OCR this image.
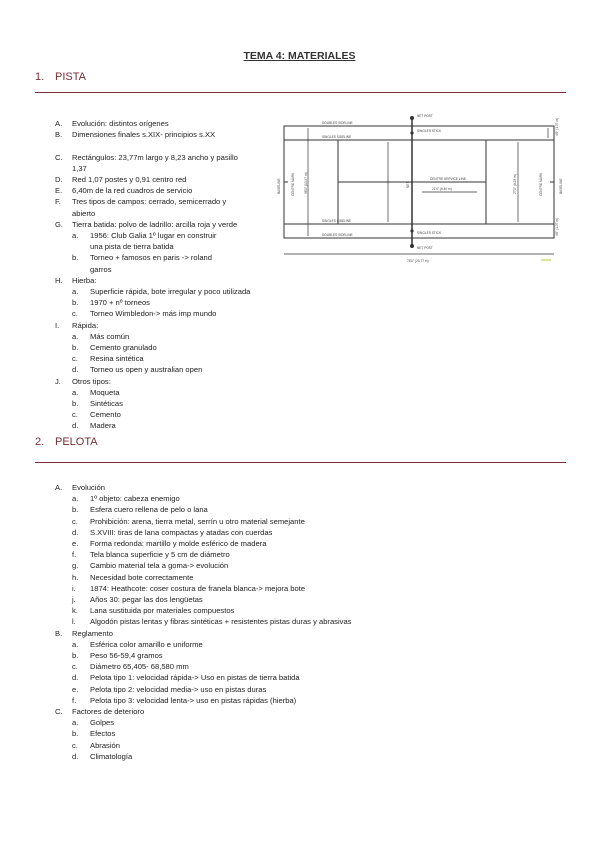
TEMA 4: MATERIALES
1. PISTA
A. Evolución: distintos orígenes
B. Dimensiones finales s.XIX- principios s.XX
C. Rectángulos: 23,77m largo y 8,23 ancho y pasillo
1,37
D. Red 1,07 postes y 0,91 centro red
E. 6,40m de la red cuadros de servicio
F. Tres tipos de campos: cerrado, semicerrado y
abierto
G. Tierra batida: polvo de ladrillo: arcilla roja y verde
a. 1956: Club Galia 1º lugar en construir
una pista de tierra batida
b. Torneo + famosos en paris -> roland
garros
H. Hierba:
a. Superficie rápida, bote irregular y poco utilizada
b. 1970 + nº torneos
c. Torneo Wimbledon-> más imp mundo
I. Rápida:
a. Más común
b. Cemento granulado
c. Resina sintética
d. Torneo us open y australian open
J. Otros tipos:
a. Moqueta
b. Sintéticas
c. Cemento
d. Madera
DOUBLES SIDELINE
SINGLES SIDELINE
DOUBLES SIDELINE
SINGLES SIDELINE
NET POST
NET POST
SINGLES STICK
SINGLES STICK
CENTRE SERVICE LINE
21'0" (6.40 m)
78'0" (23.77 m)
BASELINE	CENTRE MARK	BASELINE
CENTRE MARK
36'0" (10.97 m)	27'0" (8.23 m)
4'6" (1.37 m)
4'6" (1.37 m)
NET
2. PELOTA
A. Evolución
a. 1º objeto: cabeza enemigo
b. Esfera cuero rellena de pelo o lana
c. Prohibición: arena, tierra metal, serrín u otro material semejante
d. S.XVIII: tiras de lana compactas y atadas con cuerdas
e. Forma redonda: martillo y molde esférico de madera
f. Tela blanca superficie y 5 cm de diámetro
g. Cambio material tela a goma-> evolución
h. Necesidad bote correctamente
i. 1874: Heathcote: coser costura de franela blanca-> mejora bote
j. Años 30: pegar las dos lengüetas
k. Lana sustituida por materiales compuestos
l. Algodón pistas lentas y fibras sintéticas + resistentes pistas duras y abrasivas
B. Reglamento
a. Esférica color amarillo e uniforme
b. Peso 56-59,4 gramos
c. Diámetro 65,405- 68,580 mm
d. Pelota tipo 1: velocidad rápida-> Uso en pistas de tierra batida
e. Pelota tipo 2: velocidad media-> uso en pistas duras
f. Pelota tipo 3: velocidad lenta-> uso en pistas rápidas (hierba)
C. Factores de deterioro
a. Golpes
b. Efectos
c. Abrasión
d. Climatología
